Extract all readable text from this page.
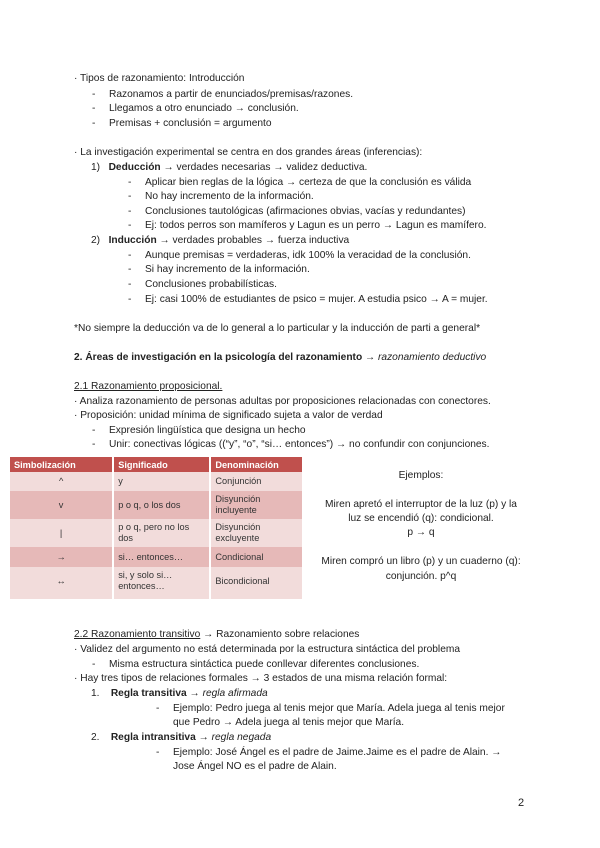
· Tipos de razonamiento: Introducción
- Razonamos a partir de enunciados/premisas/razones.
- Llegamos a otro enunciado → conclusión.
- Premisas + conclusión = argumento
· La investigación experimental se centra en dos grandes áreas (inferencias):
1) Deducción → verdades necesarias → validez deductiva.
- Aplicar bien reglas de la lógica → certeza de que la conclusión es válida
- No hay incremento de la información.
- Conclusiones tautológicas (afirmaciones obvias, vacías y redundantes)
- Ej: todos perros son mamíferos y Lagun es un perro → Lagun es mamífero.
2) Inducción → verdades probables → fuerza inductiva
- Aunque premisas = verdaderas, idk 100% la veracidad de la conclusión.
- Si hay incremento de la información.
- Conclusiones probabilísticas.
- Ej: casi 100% de estudiantes de psico = mujer. A estudia psico → A = mujer.
*No siempre la deducción va de lo general a lo particular y la inducción de parti a general*
2. Áreas de investigación en la psicología del razonamiento → razonamiento deductivo
2.1 Razonamiento proposicional.
· Analiza razonamiento de personas adultas por proposiciones relacionadas con conectores.
· Proposición: unidad mínima de significado sujeta a valor de verdad
- Expresión lingüística que designa un hecho
- Unir: conectivas lógicas ((“y”, “o”, “si… entonces”) → no confundir con conjunciones.
Simbolización	Significado	Denominación
^	y	Conjunción
v	p o q, o los dos	Disyunción incluyente
|	p o q, pero no los dos	Disyunción excluyente
→	si… entonces…	Condicional
↔	si, y solo si… entonces…	Bicondicional

Ejemplos:
Miren apretó el interruptor de la luz (p) y la
luz se encendió (q): condicional.
p → q
Miren compró un libro (p) y un cuaderno (q):
conjunción. p^q
2.2 Razonamiento transitivo → Razonamiento sobre relaciones
· Validez del argumento no está determinada por la estructura sintáctica del problema
- Misma estructura sintáctica puede conllevar diferentes conclusiones.
· Hay tres tipos de relaciones formales → 3 estados de una misma relación formal:
1. Regla transitiva → regla afirmada
- Ejemplo: Pedro juega al tenis mejor que María. Adela juega al tenis mejor
que Pedro → Adela juega al tenis mejor que María.
2. Regla intransitiva → regla negada
- Ejemplo: José Ángel es el padre de Jaime.Jaime es el padre de Alain. →
Jose Ángel NO es el padre de Alain.
2
